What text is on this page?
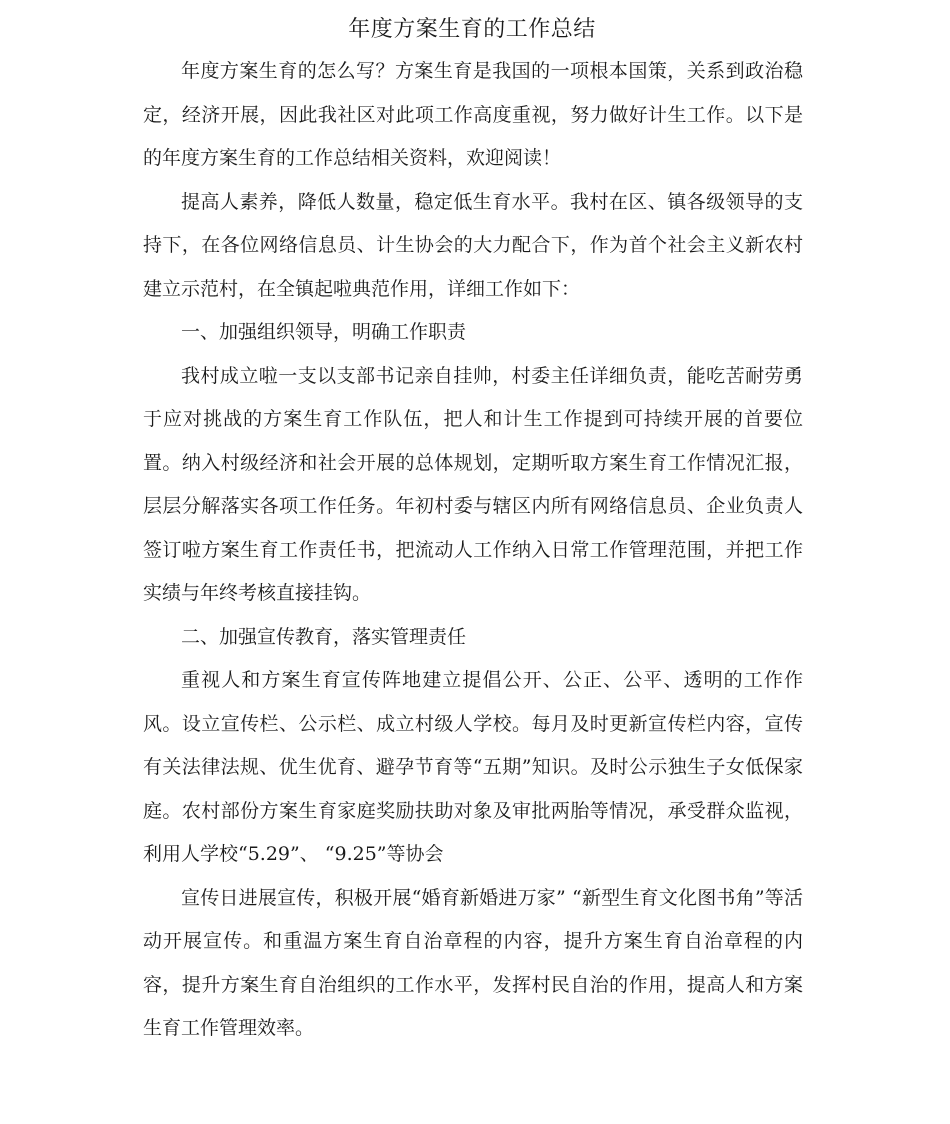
年度方案生育的工作总结

年度方案生育的怎么写？方案生育是我国的一项根本国策，关系到政治稳定，经济开展，因此我社区对此项工作高度重视，努力做好计生工作。以下是的年度方案生育的工作总结相关资料，欢迎阅读！

提高人素养，降低人数量，稳定低生育水平。我村在区、镇各级领导的支持下，在各位网络信息员、计生协会的大力配合下，作为首个社会主义新农村建立示范村，在全镇起啦典范作用，详细工作如下：

一、加强组织领导，明确工作职责

我村成立啦一支以支部书记亲自挂帅，村委主任详细负责，能吃苦耐劳勇于应对挑战的方案生育工作队伍，把人和计生工作提到可持续开展的首要位置。纳入村级经济和社会开展的总体规划，定期听取方案生育工作情况汇报，层层分解落实各项工作任务。年初村委与辖区内所有网络信息员、企业负责人签订啦方案生育工作责任书，把流动人工作纳入日常工作管理范围，并把工作实绩与年终考核直接挂钩。

二、加强宣传教育，落实管理责任

重视人和方案生育宣传阵地建立提倡公开、公正、公平、透明的工作作风。设立宣传栏、公示栏、成立村级人学校。每月及时更新宣传栏内容，宣传有关法律法规、优生优育、避孕节育等“五期”知识。及时公示独生子女低保家庭。农村部份方案生育家庭奖励扶助对象及审批两胎等情况，承受群众监视，利用人学校“5.29”、 “9.25”等协会

宣传日进展宣传，积极开展“婚育新婚进万家” “新型生育文化图书角”等活动开展宣传。和重温方案生育自治章程的内容，提升方案生育自治章程的内容，提升方案生育自治组织的工作水平，发挥村民自治的作用，提高人和方案生育工作管理效率。
